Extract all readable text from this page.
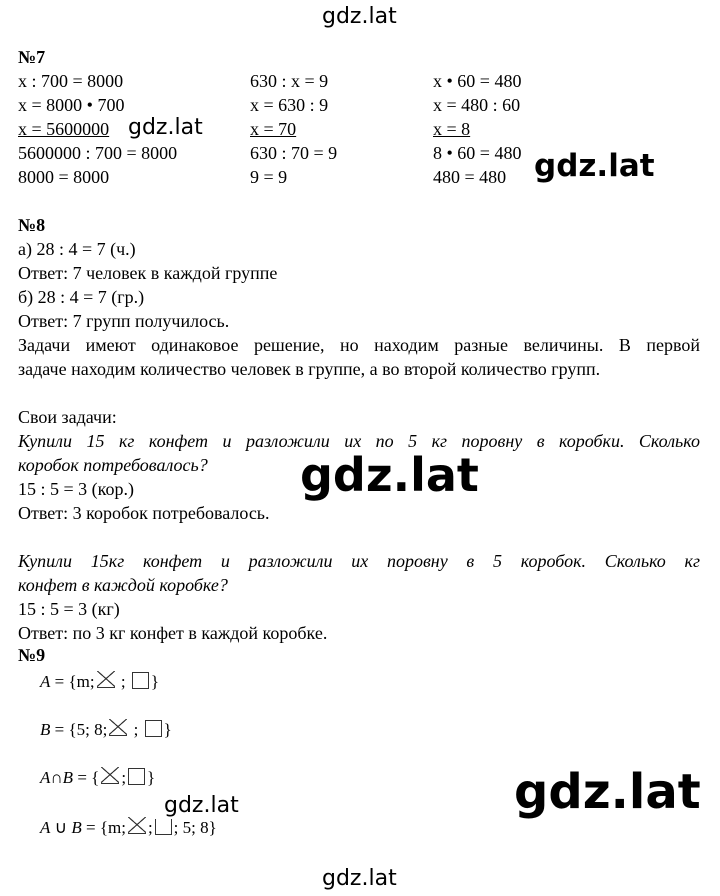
gdz.lat
gdz.lat
gdz.lat
gdz.lat
gdz.lat
gdz.lat
gdz.lat
№7
x : 700 = 8000
x = 8000 • 700
x = 5600000
5600000 : 700 = 8000
8000 = 8000
630 : x = 9
x = 630 : 9
x = 70
630 : 70 = 9
9 = 9
x • 60 = 480
x = 480 : 60
x = 8
8 • 60 = 480
480 = 480
№8
а) 28 : 4 = 7 (ч.)
Ответ: 7 человек в каждой группе
б) 28 : 4 = 7 (гр.)
Ответ: 7 групп получилось.
Задачи имеют одинаковое решение, но находим разные величины. В первой
задаче находим количество человек в группе, а во второй количество групп.
Свои задачи:
Купили 15 кг конфет и разложили их по 5 кг поровну в коробки. Сколько
коробок потребовалось?
15 : 5 = 3 (кор.)
Ответ: 3 коробок потребовалось.
Купили 15кг конфет и разложили их поровну в 5 коробок. Сколько кг
конфет в каждой коробке?
15 : 5 = 3 (кг)
Ответ: по 3 кг конфет в каждой коробке.
№9
A = {m; ; }
B = {5; 8; ; }
A∩B = { ; }
A ∪ B = {m; ; ; 5; 8}
